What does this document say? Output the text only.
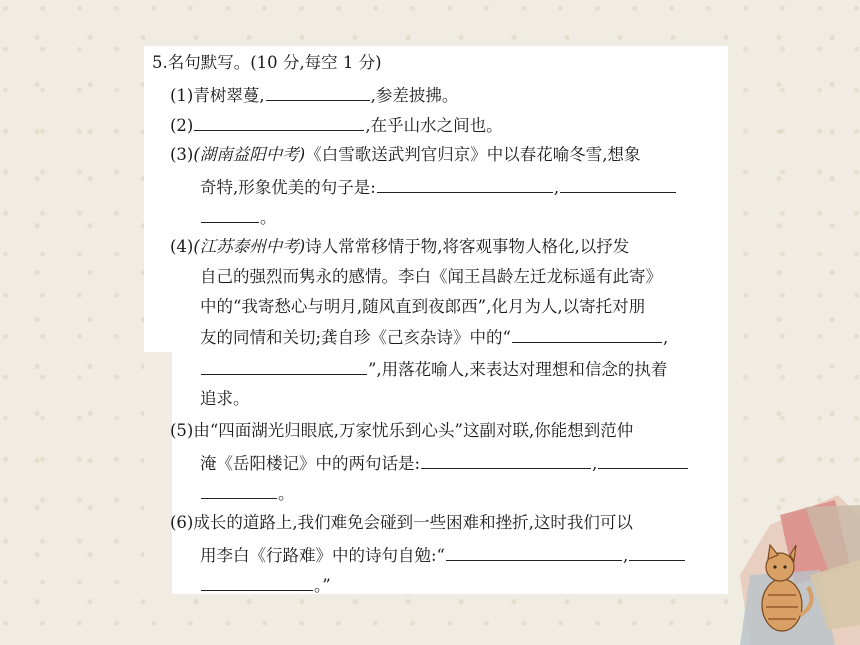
5.名句默写。(10 分,每空 1 分)
(1)青树翠蔓,	,参差披拂。
(2)	,在乎山水之间也。
(3)(湖南益阳中考)《白雪歌送武判官归京》中以春花喻冬雪,想象
奇特,形象优美的句子是:	,
。
(4)(江苏泰州中考)诗人常常移情于物,将客观事物人格化,以抒发
自己的强烈而隽永的感情。李白《闻王昌龄左迁龙标遥有此寄》
中的“我寄愁心与明月,随风直到夜郎西”,化月为人,以寄托对朋
友的同情和关切;龚自珍《己亥杂诗》中的“	,
”,用落花喻人,来表达对理想和信念的执着
追求。
(5)由“四面湖光归眼底,万家忧乐到心头”这副对联,你能想到范仲
淹《岳阳楼记》中的两句话是:	,
。
(6)成长的道路上,我们难免会碰到一些困难和挫折,这时我们可以
用李白《行路难》中的诗句自勉:“	,
。”
